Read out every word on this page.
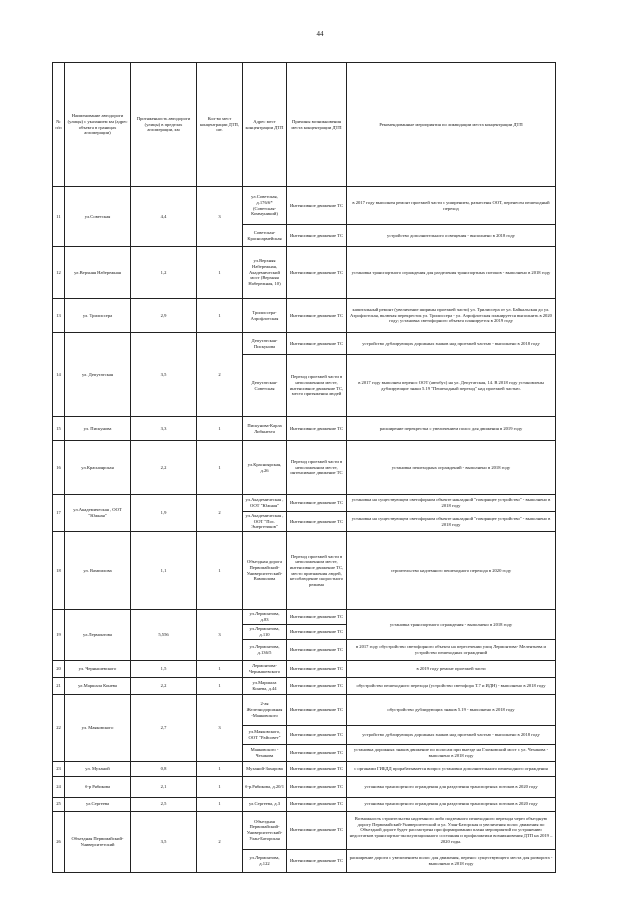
44
№ п/п	Наименование автодороги (улицы) с указанием км (адрес объекта в границах агломерации)	Протяженность автодороги (улицы) в пределах агломерации, км	Кол-во мест концентрации ДТП, шт.	Адрес мест концентрации ДТП	Причины возникновения места концентрации ДТП	Рекомендованные мероприятия по ликвидации места концентрации ДТП
11	ул.Советская	4,4	3	ул.Советская, д.176/6* (Советская-Коммуникий)	Интенсивное движение ТС	в 2017 году выполнен ремонт проезжей части с уширением, разнесены ООТ, перенесен пешеходный переход
				Советская-Красноармейская	Интенсивное движение ТС	устройство дополнительного освещения - выполнено в 2018 году
12	ул.Верхняя Набережная	1,2	1	ул.Верхняя Набережная, Академический мост (Верхняя Набережная, 10)	Интенсивное движение ТС	установка транспортного ограждения для разделения транспортных потоков - выполнено в 2018 году
13	ул. Трилиссера	2,9	1	Трилиссера-Аэрофлотская	Интенсивное движение ТС	капитальный ремонт (увеличение ширины проезжей части) ул. Трилиссера от ул. Байкальская до ул. Аэрофлотская, включая перекресток ул. Трилиссера - ул. Аэрофлотская планируется выполнить в 2020 году; установка светофорного объекта планируется в 2019 году
14	ул. Депутатская	3,5	2	Депутатская-Пискунова	Интенсивное движение ТС	устройство дублирующих дорожных знаков над проезжей частью - выполнено в 2018 году
				Депутатская-Советская	Переход проезжей части в неположенном месте, интенсивное движение ТС, место притяжения людей	в 2017 году выполнен перенос ООТ (автобус) на ул. Депутатская, 14. В 2018 году установлены дублирующие знаки 5.19 "Пешеходный переход" над проезжей частью.
15	ул. Пискунова	3,3	1	Пискунова-Карла Либкнехта	Интенсивное движение ТС	расширение перекрестка с увеличением полос для движения в 2019 году
16	ул.Красноярская	2,2	1	ул.Красноярская, д.26	Переход проезжей части в неположенном месте, интенсивное движение ТС	установка пешеходных ограждений - выполнено в 2018 году
17	ул.Академическая , ООТ "Южная"	1,9	2	ул.Академическая , ООТ "Южная"	Интенсивное движение ТС	установка на существующем светофорном объекте накладной "говорящее устройство" - выполнено в 2018 году
				ул.Академическая , ООТ "Пос. Энергетиков"	Интенсивное движение ТС	установка на существующем светофорном объекте накладной "говорящее устройство" - выполнено в 2018 году
18	ул. Вампилова	1,1	1	Объездная дорога Первомайский-Университетский-Вампилова	Переход проезжей части в неположенном месте, интенсивное движение ТС, место притяжения людей, несоблюдение скоростного режима	строительство надземного пешеходного перехода в 2020 году
19	ул.Лермонтова	5,556	3	ул.Лермонтова, д.83	Интенсивное движение ТС	установка транспортного ограждения - выполнено в 2018 году
				ул.Лермонтова, д.110	Интенсивное движение ТС	
				ул.Лермонтова, д.136/5	Интенсивное движение ТС	в 2017 году обустройство светофорного объекта на пересечении улиц Лермонтова- Мелентьева и устройство пешеходных ограждений
20	ул. Чернышевского	1,5	1	Лермонтова-Чернышевского	Интенсивное движение ТС	в 2019 году ремонт проезжей части
21	ул.Маршала Конева	2,2	1	ул.Маршала Конева, д.44	Интенсивное движение ТС	обустройство пешеходного перехода (устройство светофора Т.7 и ИДН) - выполнено в 2018 году
22	ул. Маяковского	2,7	3	2-ая Железнодорожная -Маяковского	Интенсивное движение ТС	обустройство дублирующих знаков 5.19 - выполнено в 2018 году
				ул.Маяковского, ООТ "Райсовет"	Интенсивное движение ТС	устройство дублирующих дорожных знаков над проезжей частью - выполнено в 2018 году
				Маяковского - Чехакова	Интенсивное движение ТС	установка дорожных знаков движение по полосам при выезде на Глазковский мост с ул. Чехакова - выполнено в 2018 году
23	ул. Муханой	0,8	1	Муханой-Захарова	Интенсивное движение ТС	с органами ГИБДД прорабатывается вопрос установки дополнительного пешеходного ограждения
24	б-р Рябикова	2,1	1	б-р.Рябикова, д.20/1	Интенсивное движение ТС	установка транспортного ограждения для разделения транспортных потоков в 2020 году
25	ул.Сергеева	2,5	1	ул.Сергеева, д.3	Интенсивное движение ТС	установка транспортного ограждения для разделения транспортных потоков в 2020 году
26	Объездная Первомайский-Университетский	3,5	2	Объездная Первомайский-Университетский-Улан-Баторская	Интенсивное движение ТС	Возможность строительства надземного либо подземного пешеходного перехода через объездную дорогу Первомайский-Университетский и ул. Улан-Баторская и увеличения полос движения по Объездной дороге будет рассмотрена при формировании плана мероприятий по устранению недостатков транспортно-эксплуатационного состояния и профилактики возникновения ДТП на 2019 – 2020 годы.
				ул.Лермонтова, д.122	Интенсивное движение ТС	расширение дороги с увеличением полос для движения, перенос существующего места для разворота - выполнено в 2018 году
